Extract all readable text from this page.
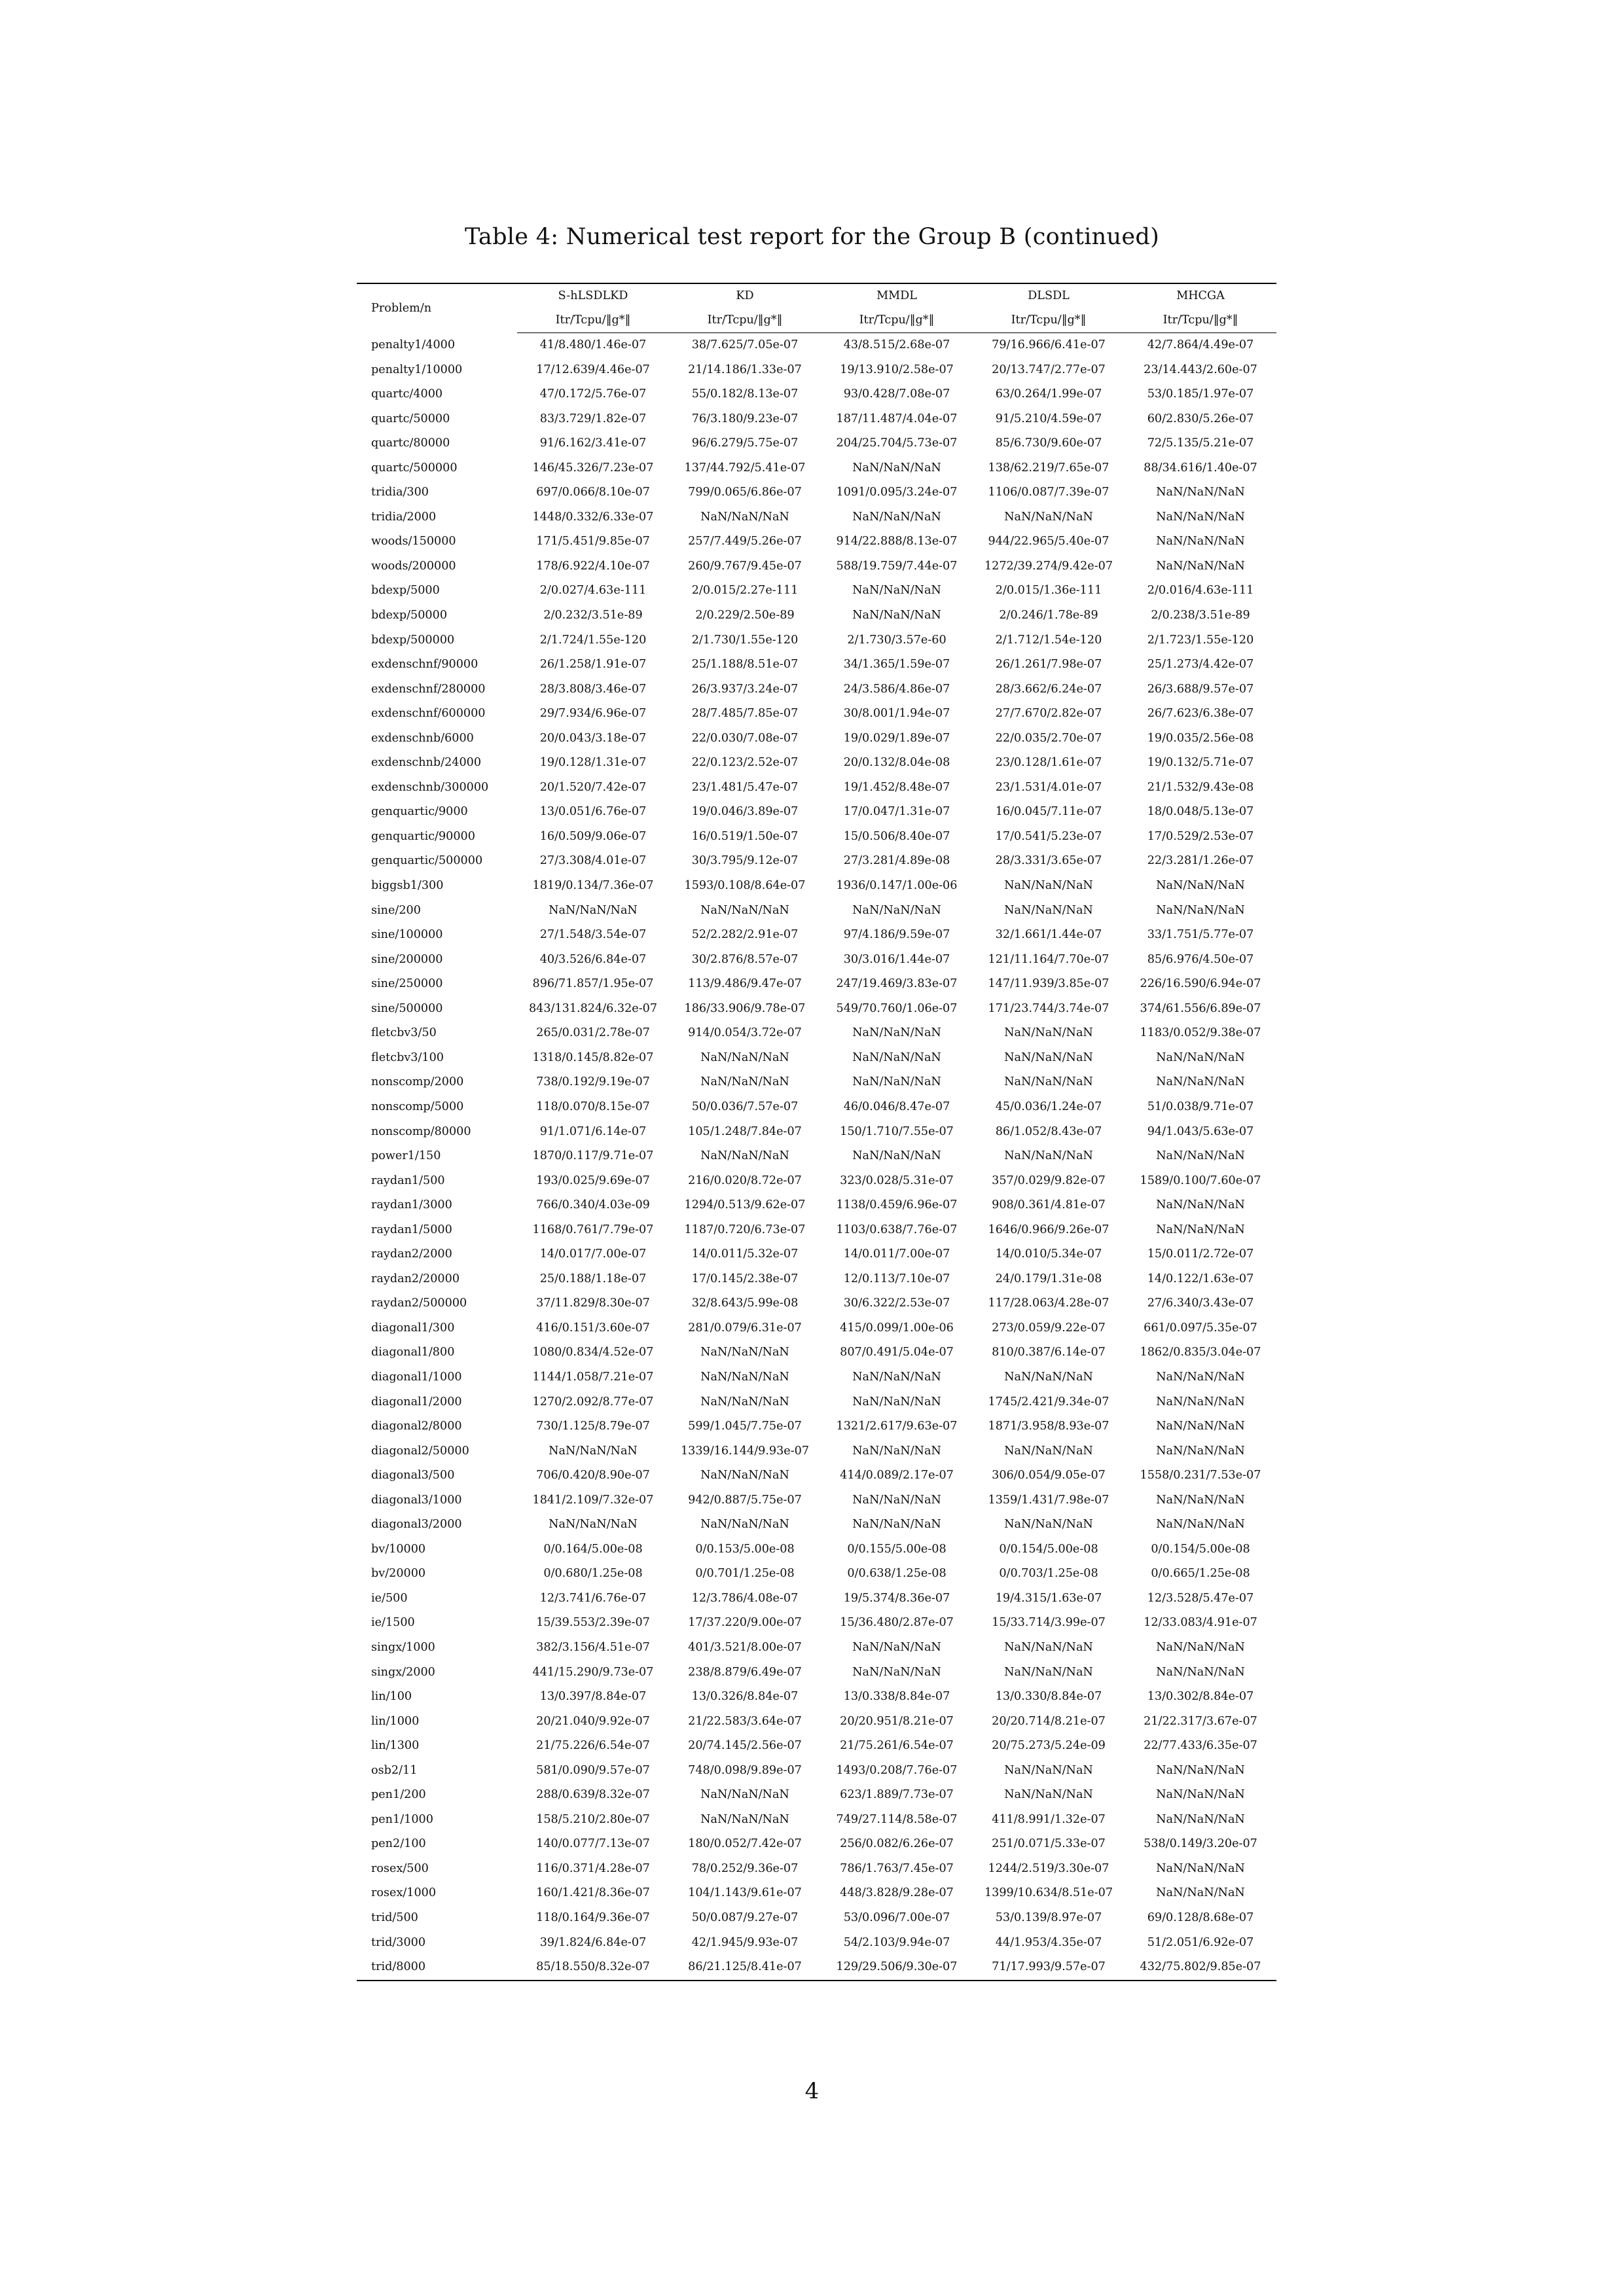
Table 4: Numerical test report for the Group B (continued)
Problem/n	S-hLSDLKD	KD	MMDL	DLSDL	MHCGA
	Itr/Tcpu/‖g*‖	Itr/Tcpu/‖g*‖	Itr/Tcpu/‖g*‖	Itr/Tcpu/‖g*‖	Itr/Tcpu/‖g*‖
penalty1/4000	41/8.480/1.46e-07	38/7.625/7.05e-07	43/8.515/2.68e-07	79/16.966/6.41e-07	42/7.864/4.49e-07
penalty1/10000	17/12.639/4.46e-07	21/14.186/1.33e-07	19/13.910/2.58e-07	20/13.747/2.77e-07	23/14.443/2.60e-07
quartc/4000	47/0.172/5.76e-07	55/0.182/8.13e-07	93/0.428/7.08e-07	63/0.264/1.99e-07	53/0.185/1.97e-07
quartc/50000	83/3.729/1.82e-07	76/3.180/9.23e-07	187/11.487/4.04e-07	91/5.210/4.59e-07	60/2.830/5.26e-07
quartc/80000	91/6.162/3.41e-07	96/6.279/5.75e-07	204/25.704/5.73e-07	85/6.730/9.60e-07	72/5.135/5.21e-07
quartc/500000	146/45.326/7.23e-07	137/44.792/5.41e-07	NaN/NaN/NaN	138/62.219/7.65e-07	88/34.616/1.40e-07
tridia/300	697/0.066/8.10e-07	799/0.065/6.86e-07	1091/0.095/3.24e-07	1106/0.087/7.39e-07	NaN/NaN/NaN
tridia/2000	1448/0.332/6.33e-07	NaN/NaN/NaN	NaN/NaN/NaN	NaN/NaN/NaN	NaN/NaN/NaN
woods/150000	171/5.451/9.85e-07	257/7.449/5.26e-07	914/22.888/8.13e-07	944/22.965/5.40e-07	NaN/NaN/NaN
woods/200000	178/6.922/4.10e-07	260/9.767/9.45e-07	588/19.759/7.44e-07	1272/39.274/9.42e-07	NaN/NaN/NaN
bdexp/5000	2/0.027/4.63e-111	2/0.015/2.27e-111	NaN/NaN/NaN	2/0.015/1.36e-111	2/0.016/4.63e-111
bdexp/50000	2/0.232/3.51e-89	2/0.229/2.50e-89	NaN/NaN/NaN	2/0.246/1.78e-89	2/0.238/3.51e-89
bdexp/500000	2/1.724/1.55e-120	2/1.730/1.55e-120	2/1.730/3.57e-60	2/1.712/1.54e-120	2/1.723/1.55e-120
exdenschnf/90000	26/1.258/1.91e-07	25/1.188/8.51e-07	34/1.365/1.59e-07	26/1.261/7.98e-07	25/1.273/4.42e-07
exdenschnf/280000	28/3.808/3.46e-07	26/3.937/3.24e-07	24/3.586/4.86e-07	28/3.662/6.24e-07	26/3.688/9.57e-07
exdenschnf/600000	29/7.934/6.96e-07	28/7.485/7.85e-07	30/8.001/1.94e-07	27/7.670/2.82e-07	26/7.623/6.38e-07
exdenschnb/6000	20/0.043/3.18e-07	22/0.030/7.08e-07	19/0.029/1.89e-07	22/0.035/2.70e-07	19/0.035/2.56e-08
exdenschnb/24000	19/0.128/1.31e-07	22/0.123/2.52e-07	20/0.132/8.04e-08	23/0.128/1.61e-07	19/0.132/5.71e-07
exdenschnb/300000	20/1.520/7.42e-07	23/1.481/5.47e-07	19/1.452/8.48e-07	23/1.531/4.01e-07	21/1.532/9.43e-08
genquartic/9000	13/0.051/6.76e-07	19/0.046/3.89e-07	17/0.047/1.31e-07	16/0.045/7.11e-07	18/0.048/5.13e-07
genquartic/90000	16/0.509/9.06e-07	16/0.519/1.50e-07	15/0.506/8.40e-07	17/0.541/5.23e-07	17/0.529/2.53e-07
genquartic/500000	27/3.308/4.01e-07	30/3.795/9.12e-07	27/3.281/4.89e-08	28/3.331/3.65e-07	22/3.281/1.26e-07
biggsb1/300	1819/0.134/7.36e-07	1593/0.108/8.64e-07	1936/0.147/1.00e-06	NaN/NaN/NaN	NaN/NaN/NaN
sine/200	NaN/NaN/NaN	NaN/NaN/NaN	NaN/NaN/NaN	NaN/NaN/NaN	NaN/NaN/NaN
sine/100000	27/1.548/3.54e-07	52/2.282/2.91e-07	97/4.186/9.59e-07	32/1.661/1.44e-07	33/1.751/5.77e-07
sine/200000	40/3.526/6.84e-07	30/2.876/8.57e-07	30/3.016/1.44e-07	121/11.164/7.70e-07	85/6.976/4.50e-07
sine/250000	896/71.857/1.95e-07	113/9.486/9.47e-07	247/19.469/3.83e-07	147/11.939/3.85e-07	226/16.590/6.94e-07
sine/500000	843/131.824/6.32e-07	186/33.906/9.78e-07	549/70.760/1.06e-07	171/23.744/3.74e-07	374/61.556/6.89e-07
fletcbv3/50	265/0.031/2.78e-07	914/0.054/3.72e-07	NaN/NaN/NaN	NaN/NaN/NaN	1183/0.052/9.38e-07
fletcbv3/100	1318/0.145/8.82e-07	NaN/NaN/NaN	NaN/NaN/NaN	NaN/NaN/NaN	NaN/NaN/NaN
nonscomp/2000	738/0.192/9.19e-07	NaN/NaN/NaN	NaN/NaN/NaN	NaN/NaN/NaN	NaN/NaN/NaN
nonscomp/5000	118/0.070/8.15e-07	50/0.036/7.57e-07	46/0.046/8.47e-07	45/0.036/1.24e-07	51/0.038/9.71e-07
nonscomp/80000	91/1.071/6.14e-07	105/1.248/7.84e-07	150/1.710/7.55e-07	86/1.052/8.43e-07	94/1.043/5.63e-07
power1/150	1870/0.117/9.71e-07	NaN/NaN/NaN	NaN/NaN/NaN	NaN/NaN/NaN	NaN/NaN/NaN
raydan1/500	193/0.025/9.69e-07	216/0.020/8.72e-07	323/0.028/5.31e-07	357/0.029/9.82e-07	1589/0.100/7.60e-07
raydan1/3000	766/0.340/4.03e-09	1294/0.513/9.62e-07	1138/0.459/6.96e-07	908/0.361/4.81e-07	NaN/NaN/NaN
raydan1/5000	1168/0.761/7.79e-07	1187/0.720/6.73e-07	1103/0.638/7.76e-07	1646/0.966/9.26e-07	NaN/NaN/NaN
raydan2/2000	14/0.017/7.00e-07	14/0.011/5.32e-07	14/0.011/7.00e-07	14/0.010/5.34e-07	15/0.011/2.72e-07
raydan2/20000	25/0.188/1.18e-07	17/0.145/2.38e-07	12/0.113/7.10e-07	24/0.179/1.31e-08	14/0.122/1.63e-07
raydan2/500000	37/11.829/8.30e-07	32/8.643/5.99e-08	30/6.322/2.53e-07	117/28.063/4.28e-07	27/6.340/3.43e-07
diagonal1/300	416/0.151/3.60e-07	281/0.079/6.31e-07	415/0.099/1.00e-06	273/0.059/9.22e-07	661/0.097/5.35e-07
diagonal1/800	1080/0.834/4.52e-07	NaN/NaN/NaN	807/0.491/5.04e-07	810/0.387/6.14e-07	1862/0.835/3.04e-07
diagonal1/1000	1144/1.058/7.21e-07	NaN/NaN/NaN	NaN/NaN/NaN	NaN/NaN/NaN	NaN/NaN/NaN
diagonal1/2000	1270/2.092/8.77e-07	NaN/NaN/NaN	NaN/NaN/NaN	1745/2.421/9.34e-07	NaN/NaN/NaN
diagonal2/8000	730/1.125/8.79e-07	599/1.045/7.75e-07	1321/2.617/9.63e-07	1871/3.958/8.93e-07	NaN/NaN/NaN
diagonal2/50000	NaN/NaN/NaN	1339/16.144/9.93e-07	NaN/NaN/NaN	NaN/NaN/NaN	NaN/NaN/NaN
diagonal3/500	706/0.420/8.90e-07	NaN/NaN/NaN	414/0.089/2.17e-07	306/0.054/9.05e-07	1558/0.231/7.53e-07
diagonal3/1000	1841/2.109/7.32e-07	942/0.887/5.75e-07	NaN/NaN/NaN	1359/1.431/7.98e-07	NaN/NaN/NaN
diagonal3/2000	NaN/NaN/NaN	NaN/NaN/NaN	NaN/NaN/NaN	NaN/NaN/NaN	NaN/NaN/NaN
bv/10000	0/0.164/5.00e-08	0/0.153/5.00e-08	0/0.155/5.00e-08	0/0.154/5.00e-08	0/0.154/5.00e-08
bv/20000	0/0.680/1.25e-08	0/0.701/1.25e-08	0/0.638/1.25e-08	0/0.703/1.25e-08	0/0.665/1.25e-08
ie/500	12/3.741/6.76e-07	12/3.786/4.08e-07	19/5.374/8.36e-07	19/4.315/1.63e-07	12/3.528/5.47e-07
ie/1500	15/39.553/2.39e-07	17/37.220/9.00e-07	15/36.480/2.87e-07	15/33.714/3.99e-07	12/33.083/4.91e-07
singx/1000	382/3.156/4.51e-07	401/3.521/8.00e-07	NaN/NaN/NaN	NaN/NaN/NaN	NaN/NaN/NaN
singx/2000	441/15.290/9.73e-07	238/8.879/6.49e-07	NaN/NaN/NaN	NaN/NaN/NaN	NaN/NaN/NaN
lin/100	13/0.397/8.84e-07	13/0.326/8.84e-07	13/0.338/8.84e-07	13/0.330/8.84e-07	13/0.302/8.84e-07
lin/1000	20/21.040/9.92e-07	21/22.583/3.64e-07	20/20.951/8.21e-07	20/20.714/8.21e-07	21/22.317/3.67e-07
lin/1300	21/75.226/6.54e-07	20/74.145/2.56e-07	21/75.261/6.54e-07	20/75.273/5.24e-09	22/77.433/6.35e-07
osb2/11	581/0.090/9.57e-07	748/0.098/9.89e-07	1493/0.208/7.76e-07	NaN/NaN/NaN	NaN/NaN/NaN
pen1/200	288/0.639/8.32e-07	NaN/NaN/NaN	623/1.889/7.73e-07	NaN/NaN/NaN	NaN/NaN/NaN
pen1/1000	158/5.210/2.80e-07	NaN/NaN/NaN	749/27.114/8.58e-07	411/8.991/1.32e-07	NaN/NaN/NaN
pen2/100	140/0.077/7.13e-07	180/0.052/7.42e-07	256/0.082/6.26e-07	251/0.071/5.33e-07	538/0.149/3.20e-07
rosex/500	116/0.371/4.28e-07	78/0.252/9.36e-07	786/1.763/7.45e-07	1244/2.519/3.30e-07	NaN/NaN/NaN
rosex/1000	160/1.421/8.36e-07	104/1.143/9.61e-07	448/3.828/9.28e-07	1399/10.634/8.51e-07	NaN/NaN/NaN
trid/500	118/0.164/9.36e-07	50/0.087/9.27e-07	53/0.096/7.00e-07	53/0.139/8.97e-07	69/0.128/8.68e-07
trid/3000	39/1.824/6.84e-07	42/1.945/9.93e-07	54/2.103/9.94e-07	44/1.953/4.35e-07	51/2.051/6.92e-07
trid/8000	85/18.550/8.32e-07	86/21.125/8.41e-07	129/29.506/9.30e-07	71/17.993/9.57e-07	432/75.802/9.85e-07
4
